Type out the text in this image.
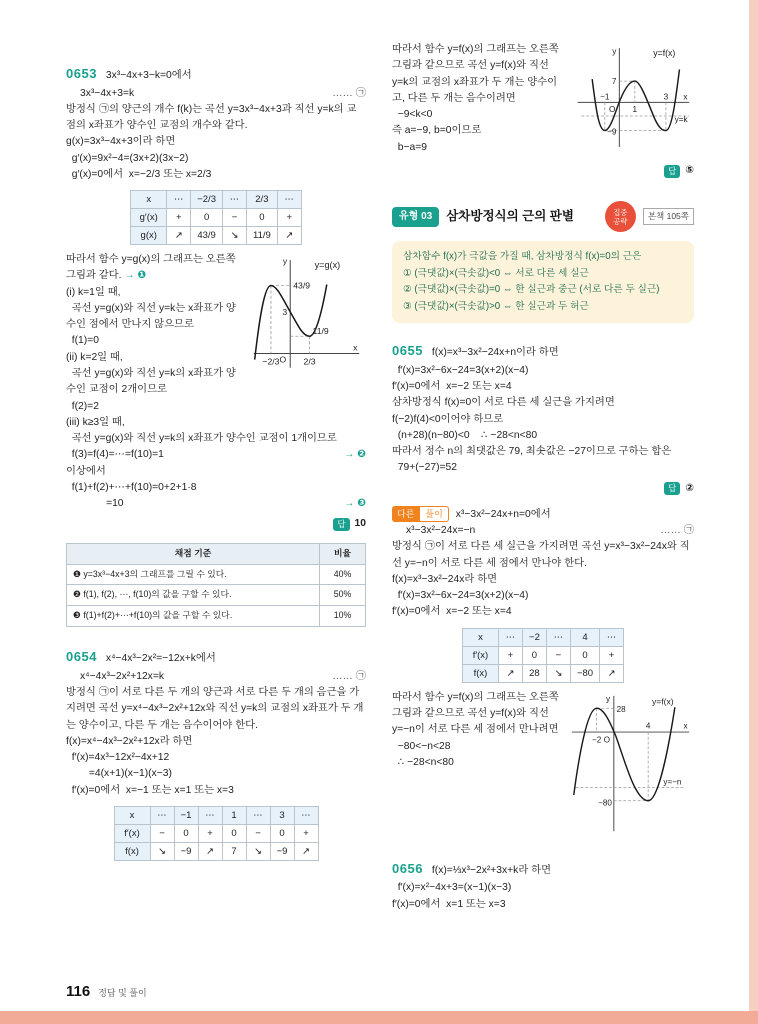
0653 3x³−4x+3−k=0에서
3x³−4x+3=k	…… ㉠
방정식 ㉠의 양근의 개수 f(k)는 곡선 y=3x³−4x+3과 직선 y=k의 교점의 x좌표가 양수인 교점의 개수와 같다.
g(x)=3x³−4x+3이라 하면
g′(x)=9x²−4=(3x+2)(3x−2)
g′(x)=0에서  x=−2/3 또는 x=2/3
x	⋯	−2/3	⋯	2/3	⋯
g′(x)	+	0	−	0	+
g(x)	↗	43/9	↘	11/9	↗
y	y=g(x)
43/9
3
11/9
−2/3	2/3
O
x

따라서 함수 y=g(x)의 그래프는 오른쪽 그림과 같다. → ❶

(i) k=1일 때,
곡선 y=g(x)와 직선 y=k는 x좌표가 양수인 점에서 만나지 않으므로
f(1)=0
(ii) k=2일 때,
곡선 y=g(x)와 직선 y=k의 x좌표가 양수인 교점이 2개이므로
f(2)=2
(iii) k≥3일 때,
곡선 y=g(x)와 직선 y=k의 x좌표가 양수인 교점이 1개이므로
f(3)=f(4)=⋯=f(10)=1	→ ❷
이상에서
f(1)+f(2)+⋯+f(10)=0+2+1·8
=10	→ ❸
답 10
채점 기준	비율
❶ y=3x³−4x+3의 그래프를 그릴 수 있다.	40%
❷ f(1), f(2), ⋯, f(10)의 값을 구할 수 있다.	50%
❸ f(1)+f(2)+⋯+f(10)의 값을 구할 수 있다.	10%
0654 x⁴−4x³−2x²=−12x+k에서
x⁴−4x³−2x²+12x=k	…… ㉠
방정식 ㉠이 서로 다른 두 개의 양근과 서로 다른 두 개의 음근을 가지려면 곡선 y=x⁴−4x³−2x²+12x와 직선 y=k의 교점의 x좌표가 두 개는 양수이고, 다른 두 개는 음수이어야 한다.
f(x)=x⁴−4x³−2x²+12x라 하면
f′(x)=4x³−12x²−4x+12
=4(x+1)(x−1)(x−3)
f′(x)=0에서  x=−1 또는 x=1 또는 x=3
x	⋯	−1	⋯	1	⋯	3	⋯
f′(x)	−	0	+	0	−	0	+
f(x)	↘	−9	↗	7	↘	−9	↗
y	y=f(x)
7
−1
1
3
O
−9
y=k
x

따라서 함수 y=f(x)의 그래프는 오른쪽 그림과 같으므로 곡선 y=f(x)와 직선 y=k의 교점의 x좌표가 두 개는 양수이고, 다른 두 개는 음수이려면

−9<k<0
즉 a=−9, b=0이므로
b−a=9
답 ⑤
유형 03	삼차방정식의 근의 판별	집중
공략
본책 105쪽
삼차함수 f(x)가 극값을 가질 때, 삼차방정식 f(x)=0의 근은
① (극댓값)×(극솟값)<0 ⇔ 서로 다른 세 실근
② (극댓값)×(극솟값)=0 ⇔ 한 실근과 중근 (서로 다른 두 실근)
③ (극댓값)×(극솟값)>0 ⇔ 한 실근과 두 허근
0655 f(x)=x³−3x²−24x+n이라 하면
f′(x)=3x²−6x−24=3(x+2)(x−4)
f′(x)=0에서  x=−2 또는 x=4
삼차방정식 f(x)=0이 서로 다른 세 실근을 가지려면
f(−2)f(4)<0이어야 하므로
(n+28)(n−80)<0    ∴ −28<n<80
따라서 정수 n의 최댓값은 79, 최솟값은 −27이므로 구하는 합은
79+(−27)=52
답 ②
다른	풀이	x³−3x²−24x+n=0에서
x³−3x²−24x=−n	…… ㉠
방정식 ㉠이 서로 다른 세 실근을 가지려면 곡선 y=x³−3x²−24x와 직선 y=−n이 서로 다른 세 점에서 만나야 한다.
f(x)=x³−3x²−24x라 하면
f′(x)=3x²−6x−24=3(x+2)(x−4)
f′(x)=0에서  x=−2 또는 x=4
x	⋯	−2	⋯	4	⋯
f′(x)	+	0	−	0	+
f(x)	↗	28	↘	−80	↗
y	y=f(x)
28
−2 O
4
−80
y=−n
x

따라서 함수 y=f(x)의 그래프는 오른쪽 그림과 같으므로 곡선 y=f(x)와 직선 y=−n이 서로 다른 세 점에서 만나려면

−80<−n<28
∴ −28<n<80
0656 f(x)=⅓x³−2x²+3x+k라 하면
f′(x)=x²−4x+3=(x−1)(x−3)
f′(x)=0에서  x=1 또는 x=3
116 정답 및 풀이
